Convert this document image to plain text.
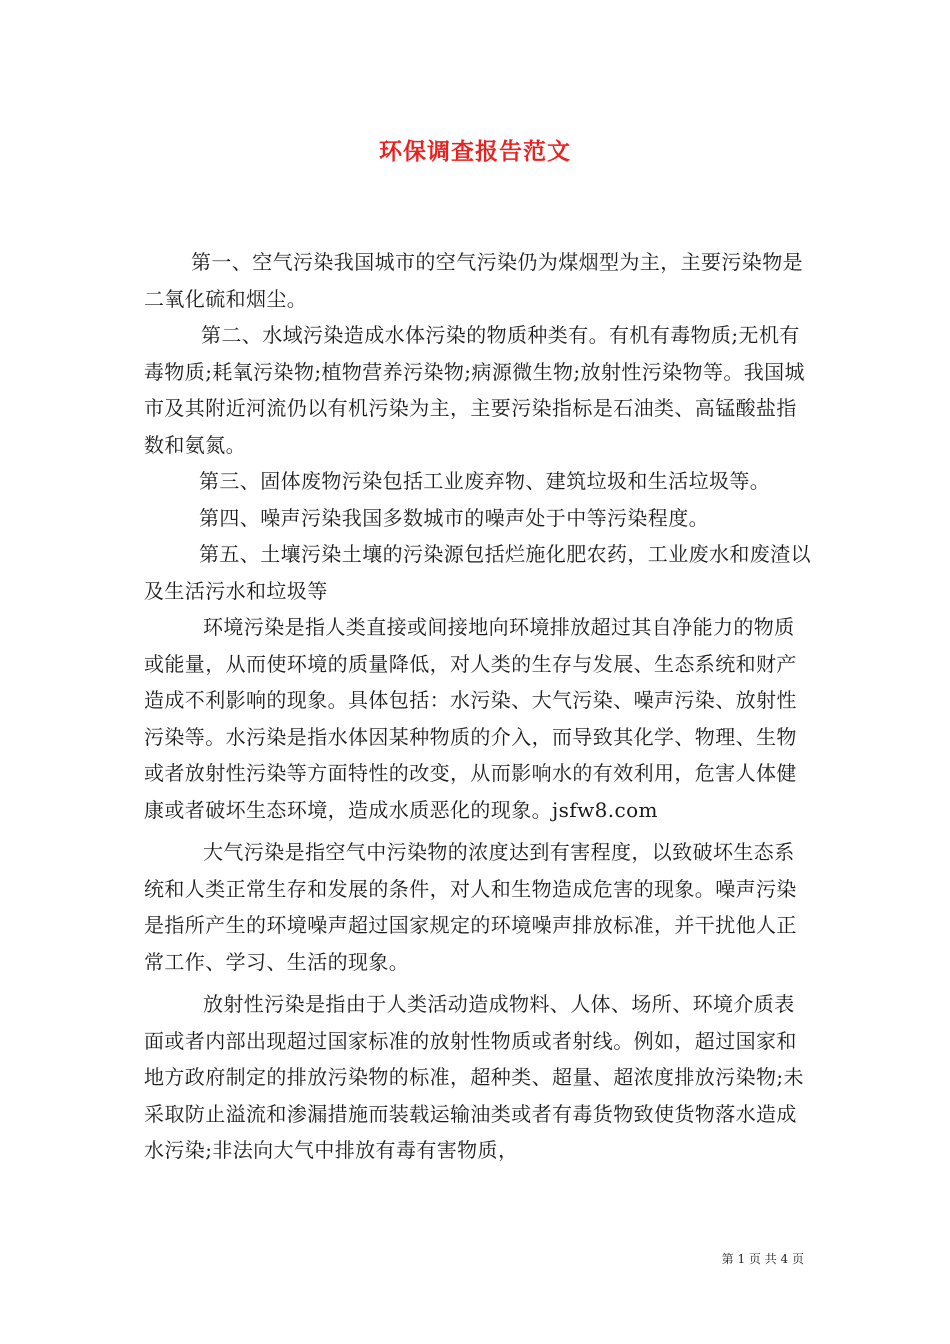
环保调查报告范文

第一、空气污染我国城市的空气污染仍为煤烟型为主，主要污染物是二氧化硫和烟尘。

第二、水域污染造成水体污染的物质种类有。有机有毒物质;无机有毒物质;耗氧污染物;植物营养污染物;病源微生物;放射性污染物等。我国城市及其附近河流仍以有机污染为主，主要污染指标是石油类、高锰酸盐指数和氨氮。

第三、固体废物污染包括工业废弃物、建筑垃圾和生活垃圾等。

第四、噪声污染我国多数城市的噪声处于中等污染程度。

第五、土壤污染土壤的污染源包括烂施化肥农药，工业废水和废渣以及生活污水和垃圾等

环境污染是指人类直接或间接地向环境排放超过其自净能力的物质或能量，从而使环境的质量降低，对人类的生存与发展、生态系统和财产造成不利影响的现象。具体包括：水污染、大气污染、噪声污染、放射性污染等。水污染是指水体因某种物质的介入，而导致其化学、物理、生物或者放射性污染等方面特性的改变，从而影响水的有效利用，危害人体健康或者破坏生态环境，造成水质恶化的现象。jsfw8.com

大气污染是指空气中污染物的浓度达到有害程度，以致破坏生态系统和人类正常生存和发展的条件，对人和生物造成危害的现象。噪声污染是指所产生的环境噪声超过国家规定的环境噪声排放标准，并干扰他人正常工作、学习、生活的现象。

放射性污染是指由于人类活动造成物料、人体、场所、环境介质表面或者内部出现超过国家标准的放射性物质或者射线。例如，超过国家和地方政府制定的排放污染物的标准，超种类、超量、超浓度排放污染物;未采取防止溢流和渗漏措施而装载运输油类或者有毒货物致使货物落水造成水污染;非法向大气中排放有毒有害物质，

第 1 页 共 4 页
